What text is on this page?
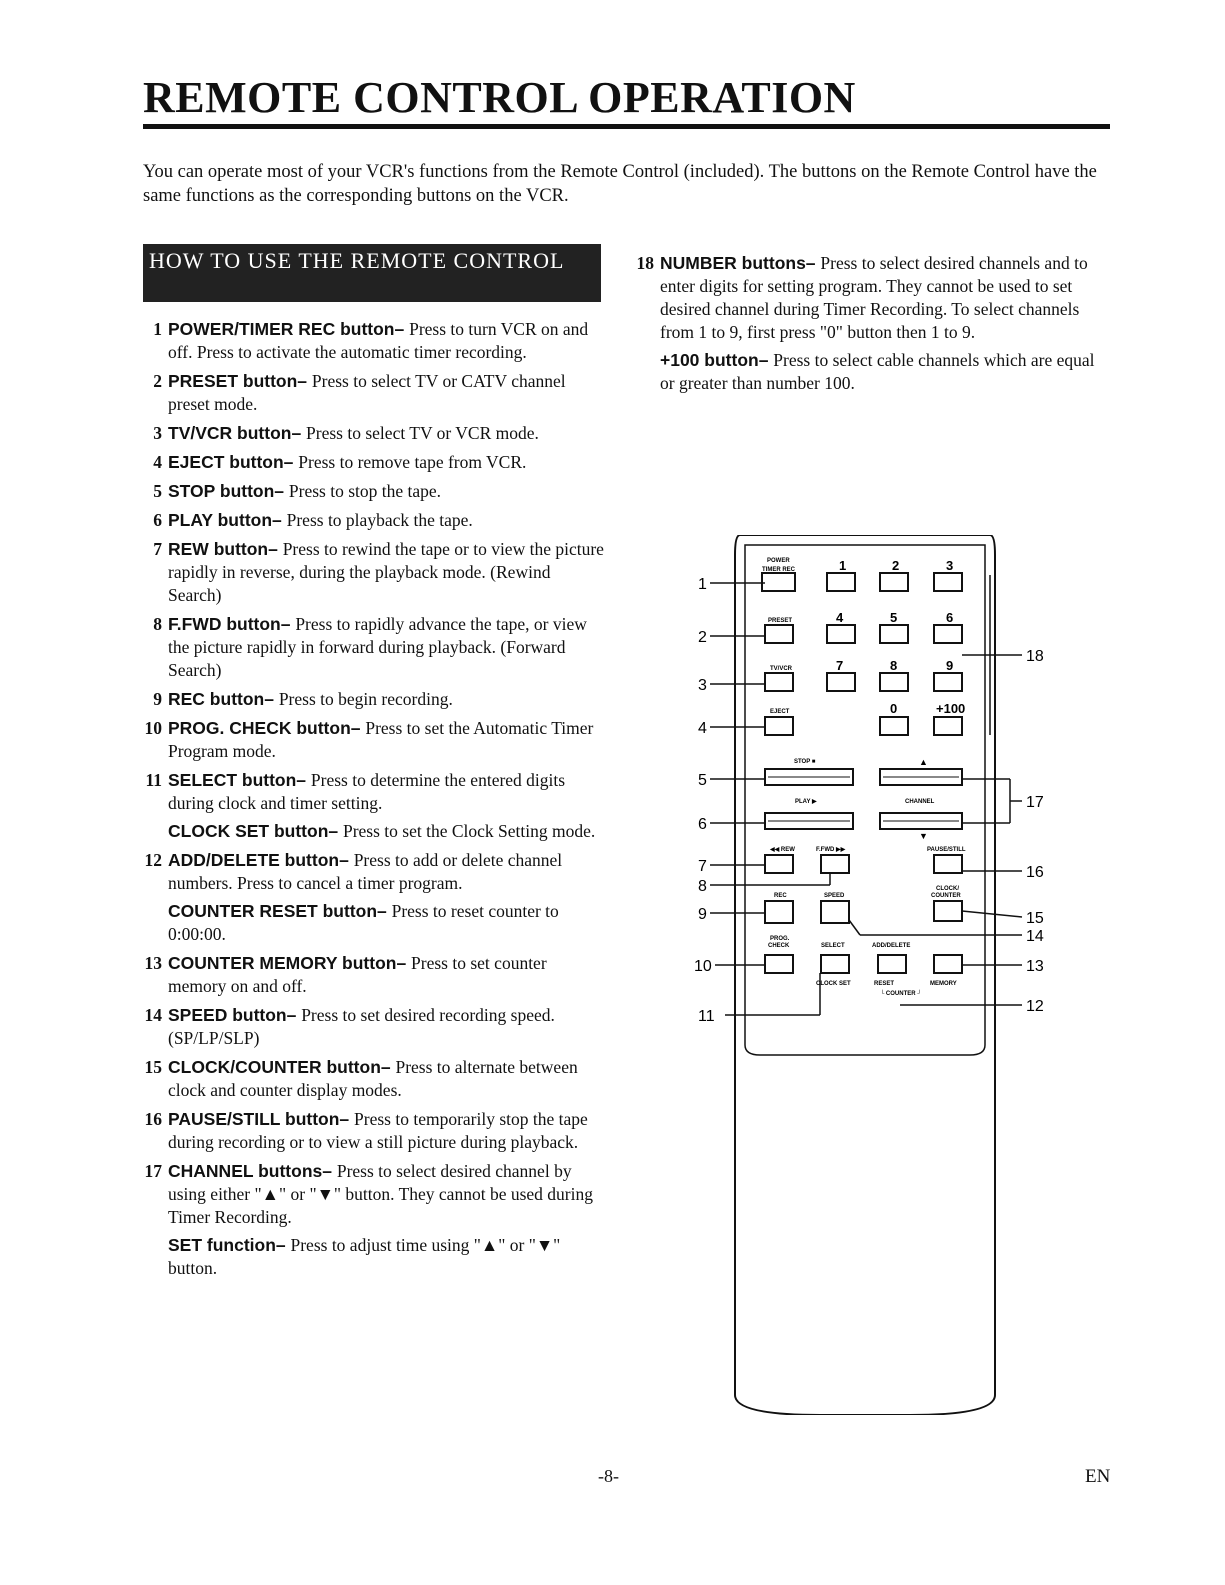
REMOTE CONTROL OPERATION
You can operate most of your VCR's functions from the Remote Control (included). The buttons on the Remote Control have the same functions as the corresponding buttons on the VCR.
HOW TO USE THE REMOTE CONTROL
1 POWER/TIMER REC button– Press to turn VCR on and off. Press to activate the automatic timer recording.
2 PRESET button– Press to select TV or CATV channel preset mode.
3 TV/VCR button– Press to select TV or VCR mode.
4 EJECT button– Press to remove tape from VCR.
5 STOP button– Press to stop the tape.
6 PLAY button– Press to playback the tape.
7 REW button– Press to rewind the tape or to view the picture rapidly in reverse, during the playback mode. (Rewind Search)
8 F.FWD button– Press to rapidly advance the tape, or view the picture rapidly in forward during playback. (Forward Search)
9 REC button– Press to begin recording.
10 PROG. CHECK button– Press to set the Automatic Timer Program mode.
11 SELECT button– Press to determine the entered digits during clock and timer setting.
CLOCK SET button– Press to set the Clock Setting mode.
12 ADD/DELETE button– Press to add or delete channel numbers. Press to cancel a timer program.
COUNTER RESET button– Press to reset counter to 0:00:00.
13 COUNTER MEMORY button– Press to set counter memory on and off.
14 SPEED button– Press to set desired recording speed. (SP/LP/SLP)
15 CLOCK/COUNTER button– Press to alternate between clock and counter display modes.
16 PAUSE/STILL button– Press to temporarily stop the tape during recording or to view a still picture during playback.
17 CHANNEL buttons– Press to select desired channel by using either "▲" or "▼" button. They cannot be used during Timer Recording.
SET function– Press to adjust time using "▲" or "▼" button.
18 NUMBER buttons– Press to select desired channels and to enter digits for setting program. They cannot be used to set desired channel during Timer Recording. To select channels from 1 to 9, first press "0" button then 1 to 9.
+100 button– Press to select cable channels which are equal or greater than number 100.
POWER
TIMER REC	1	2	3
PRESET	4	5	6
TV/VCR	7	8	9
EJECT	0	+100
STOP ■	▲
PLAY ▶	CHANNEL
▼
◀◀ REW	F.FWD ▶▶	PAUSE/STILL
REC	SPEED
CLOCK/
COUNTER
PROG.
CHECK	SELECT	ADD/DELETE
CLOCK SET	RESET	MEMORY
└ COUNTER ┘
1
2
3
4
5
6
7
8
9
10
11
18
17
16
15
14
13
12
-8-	EN
